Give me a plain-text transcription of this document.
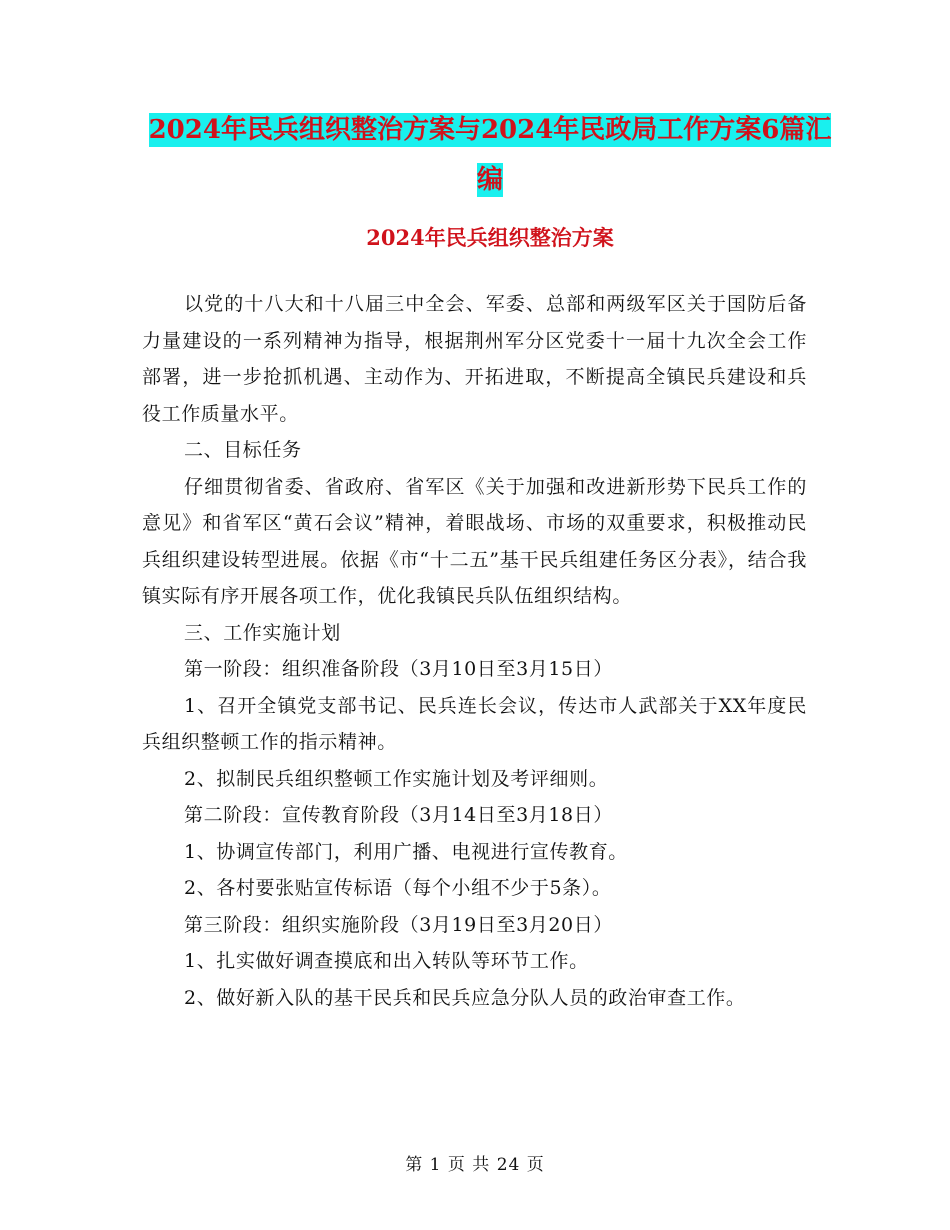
2024年民兵组织整治方案与2024年民政局工作方案6篇汇编
2024年民兵组织整治方案

以党的十八大和十八届三中全会、军委、总部和两级军区关于国防后备力量建设的一系列精神为指导，根据荆州军分区党委十一届十九次全会工作部署，进一步抢抓机遇、主动作为、开拓进取，不断提高全镇民兵建设和兵役工作质量水平。

二、目标任务

仔细贯彻省委、省政府、省军区《关于加强和改进新形势下民兵工作的意见》和省军区“黄石会议”精神，着眼战场、市场的双重要求，积极推动民兵组织建设转型进展。依据《市“十二五”基干民兵组建任务区分表》，结合我镇实际有序开展各项工作，优化我镇民兵队伍组织结构。

三、工作实施计划

第一阶段：组织准备阶段（3月10日至3月15日）

1、召开全镇党支部书记、民兵连长会议，传达市人武部关于XX年度民兵组织整顿工作的指示精神。

2、拟制民兵组织整顿工作实施计划及考评细则。

第二阶段：宣传教育阶段（3月14日至3月18日）

1、协调宣传部门，利用广播、电视进行宣传教育。

2、各村要张贴宣传标语（每个小组不少于5条）。

第三阶段：组织实施阶段（3月19日至3月20日）

1、扎实做好调查摸底和出入转队等环节工作。

2、做好新入队的基干民兵和民兵应急分队人员的政治审查工作。

第 1 页 共 24 页
